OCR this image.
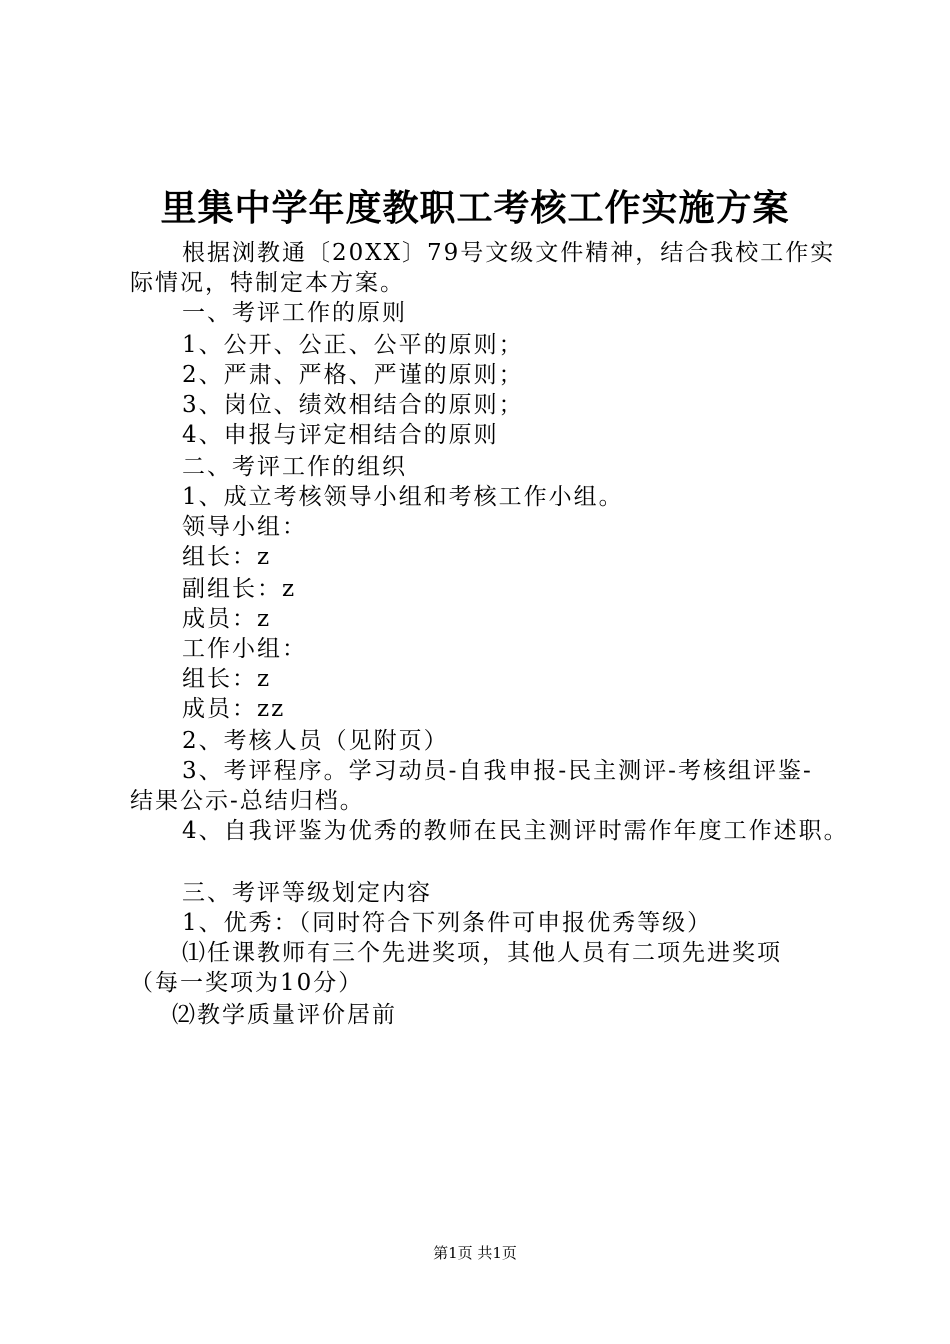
里集中学年度教职工考核工作实施方案
根据浏教通〔20XX〕79号文级文件精神，结合我校工作实
际情况，特制定本方案。
一、考评工作的原则
1、公开、公正、公平的原则；
2、严肃、严格、严谨的原则；
3、岗位、绩效相结合的原则；
4、申报与评定相结合的原则
二、考评工作的组织
1、成立考核领导小组和考核工作小组。
领导小组：
组长：z
副组长：z
成员：z
工作小组：
组长：z
成员：zz
2、考核人员（见附页）
3、考评程序。学习动员-自我申报-民主测评-考核组评鉴-
结果公示-总结归档。
4、自我评鉴为优秀的教师在民主测评时需作年度工作述职。
三、考评等级划定内容
1、优秀：（同时符合下列条件可申报优秀等级）
⑴任课教师有三个先进奖项，其他人员有二项先进奖项
（每一奖项为10分）
⑵教学质量评价居前
第1页 共1页
